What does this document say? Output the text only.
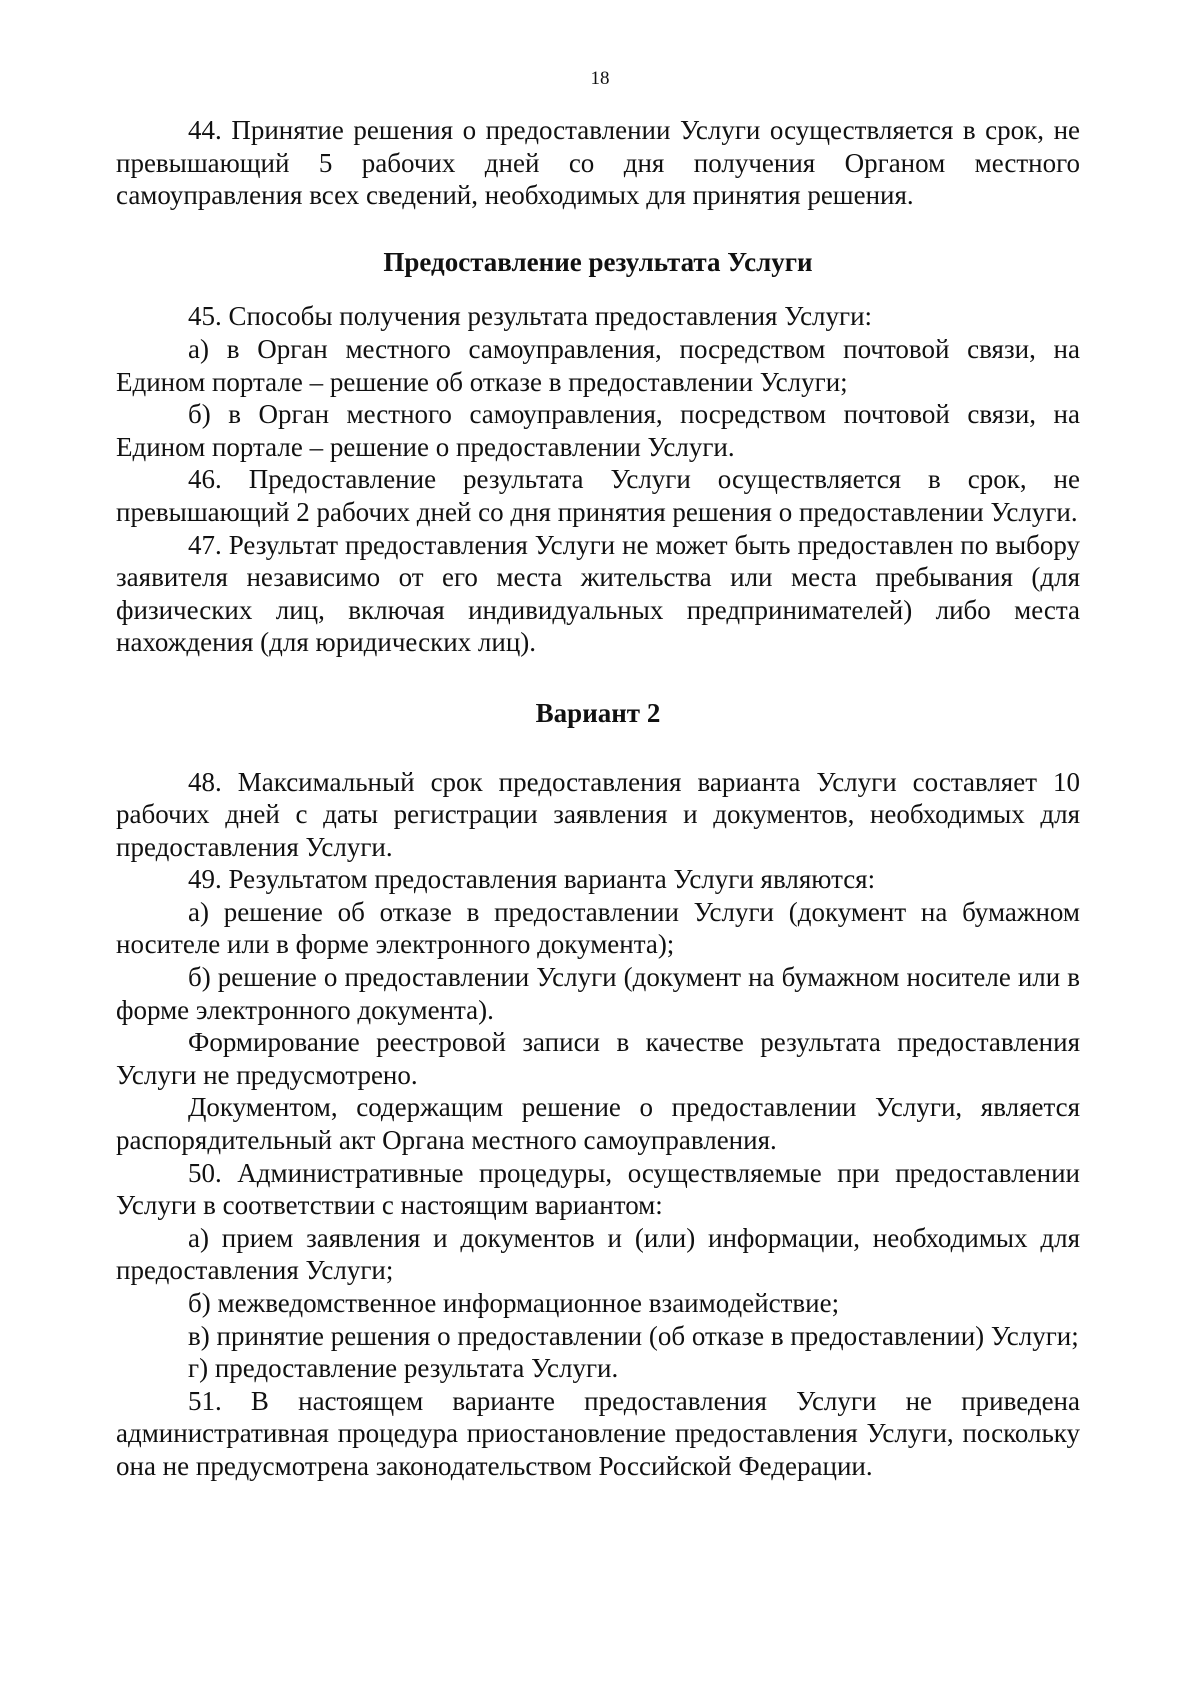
18

44. Принятие решения о предоставлении Услуги осуществляется в срок, не превышающий 5 рабочих дней со дня получения Органом местного самоуправления всех сведений, необходимых для принятия решения.

Предоставление результата Услуги

45. Способы получения результата предоставления Услуги:

а) в Орган местного самоуправления, посредством почтовой связи, на Едином портале – решение об отказе в предоставлении Услуги;

б) в Орган местного самоуправления, посредством почтовой связи, на Едином портале – решение о предоставлении Услуги.

46. Предоставление результата Услуги осуществляется в срок, не превышающий 2 рабочих дней со дня принятия решения о предоставлении Услуги.

47. Результат предоставления Услуги не может быть предоставлен по выбору заявителя независимо от его места жительства или места пребывания (для физических лиц, включая индивидуальных предпринимателей) либо места нахождения (для юридических лиц).

Вариант 2

48. Максимальный срок предоставления варианта Услуги составляет 10 рабочих дней с даты регистрации заявления и документов, необходимых для предоставления Услуги.

49. Результатом предоставления варианта Услуги являются:

а) решение об отказе в предоставлении Услуги (документ на бумажном носителе или в форме электронного документа);

б) решение о предоставлении Услуги (документ на бумажном носителе или в форме электронного документа).

Формирование реестровой записи в качестве результата предоставления Услуги не предусмотрено.

Документом, содержащим решение о предоставлении Услуги, является распорядительный акт Органа местного самоуправления.

50. Административные процедуры, осуществляемые при предоставлении Услуги в соответствии с настоящим вариантом:

а) прием заявления и документов и (или) информации, необходимых для предоставления Услуги;

б) межведомственное информационное взаимодействие;

в) принятие решения о предоставлении (об отказе в предоставлении) Услуги;

г) предоставление результата Услуги.

51. В настоящем варианте предоставления Услуги не приведена административная процедура приостановление предоставления Услуги, поскольку она не предусмотрена законодательством Российской Федерации.
